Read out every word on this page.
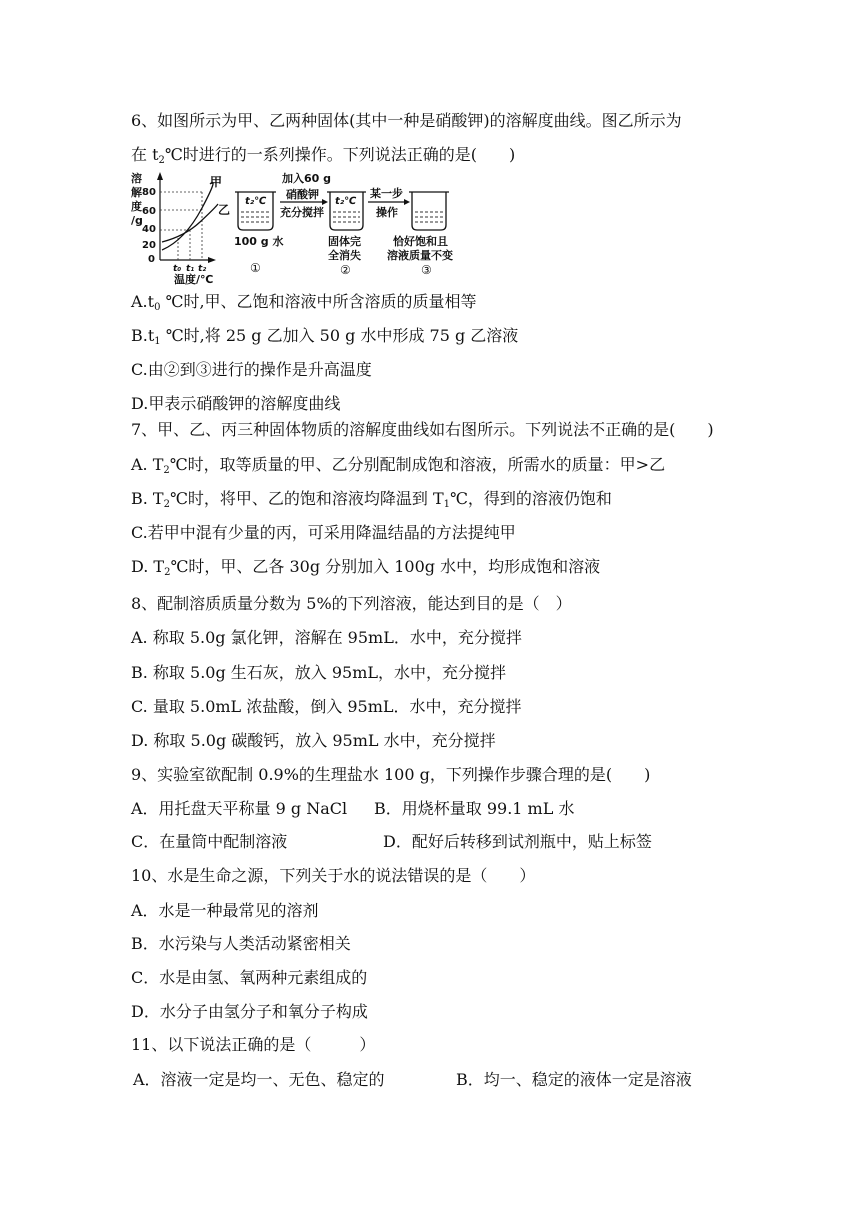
6、如图所示为甲、乙两种固体(其中一种是硝酸钾)的溶解度曲线。图乙所示为
在 $t_2℃$时进行的一系列操作。下列说法正确的是(　　)
溶
解
度
/g
80
60
40
20
0
甲
乙
t₀ t₁ t₂
温度/℃
t₂℃
100 g 水
①
加入60 g
硝酸钾
充分搅拌
t₂℃
固体完
全消失
②
某一步
操作
恰好饱和且
溶液质量不变
③
$A.t_0$ ℃时,甲、乙饱和溶液中所含溶质的质量相等
$B.t_1$ ℃时,将 25 g 乙加入 50 g 水中形成 75 g 乙溶液
C.由②到③进行的操作是升高温度
D.甲表示硝酸钾的溶解度曲线
7、甲、乙、丙三种固体物质的溶解度曲线如右图所示。下列说法不正确的是(　　)
A. $T_2℃$时，取等质量的甲、乙分别配制成饱和溶液，所需水的质量：甲>乙
B. $T_2℃$时，将甲、乙的饱和溶液均降温到 $T_1℃$，得到的溶液仍饱和
C.若甲中混有少量的丙，可采用降温结晶的方法提纯甲
D. $T_2℃$时，甲、乙各 30g 分别加入 100g 水中，均形成饱和溶液
8、配制溶质质量分数为 5%的下列溶液，能达到目的是（　）
A. 称取 5.0g 氯化钾，溶解在 95mL．水中，充分搅拌
B. 称取 5.0g 生石灰，放入 95mL，水中，充分搅拌
C. 量取 5.0mL 浓盐酸，倒入 95mL．水中，充分搅拌
D. 称取 5.0g 碳酸钙，放入 95mL 水中，充分搅拌
9、实验室欲配制 0.9%的生理盐水 100 g，下列操作步骤合理的是(　　)
A．用托盘天平称量 9 g NaCl B．用烧杯量取 99.1 mL 水
C．在量筒中配制溶液	D．配好后转移到试剂瓶中，贴上标签
10、水是生命之源，下列关于水的说法错误的是（　　）
A．水是一种最常见的溶剂
B．水污染与人类活动紧密相关
C．水是由氢、氧两种元素组成的
D．水分子由氢分子和氧分子构成
11、以下说法正确的是（　　　）
A．溶液一定是均一、无色、稳定的	B．均一、稳定的液体一定是溶液
